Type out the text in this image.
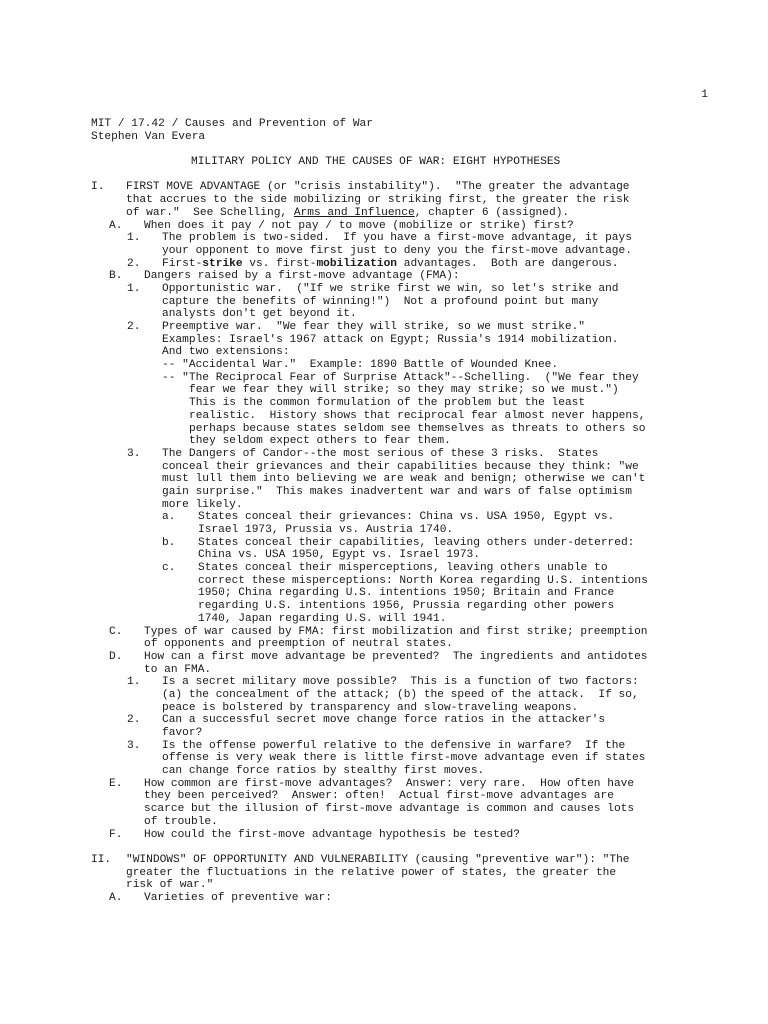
1
MIT / 17.42 / Causes and Prevention of War
Stephen Van Evera
MILITARY POLICY AND THE CAUSES OF WAR: EIGHT HYPOTHESES
I. FIRST MOVE ADVANTAGE (or "crisis instability").  "The greater the advantage
that accrues to the side mobilizing or striking first, the greater the risk
of war."  See Schelling, Arms and Influence, chapter 6 (assigned).
A. When does it pay / not pay / to move (mobilize or strike) first?
1. The problem is two-sided.  If you have a first-move advantage, it pays
your opponent to move first just to deny you the first-move advantage.
2. First-strike vs. first-mobilization advantages.  Both are dangerous.
B. Dangers raised by a first-move advantage (FMA):
1. Opportunistic war.  ("If we strike first we win, so let's strike and
capture the benefits of winning!")  Not a profound point but many
analysts don't get beyond it.
2. Preemptive war.  "We fear they will strike, so we must strike."
Examples: Israel's 1967 attack on Egypt; Russia's 1914 mobilization.
And two extensions:
-- "Accidental War."  Example: 1890 Battle of Wounded Knee.
-- "The Reciprocal Fear of Surprise Attack"--Schelling.  ("We fear they
fear we fear they will strike; so they may strike; so we must.")
This is the common formulation of the problem but the least
realistic.  History shows that reciprocal fear almost never happens,
perhaps because states seldom see themselves as threats to others so
they seldom expect others to fear them.
3. The Dangers of Candor--the most serious of these 3 risks.  States
conceal their grievances and their capabilities because they think: "we
must lull them into believing we are weak and benign; otherwise we can't
gain surprise."  This makes inadvertent war and wars of false optimism
more likely.
a. States conceal their grievances: China vs. USA 1950, Egypt vs.
Israel 1973, Prussia vs. Austria 1740.
b. States conceal their capabilities, leaving others under-deterred:
China vs. USA 1950, Egypt vs. Israel 1973.
c. States conceal their misperceptions, leaving others unable to
correct these misperceptions: North Korea regarding U.S. intentions
1950; China regarding U.S. intentions 1950; Britain and France
regarding U.S. intentions 1956, Prussia regarding other powers
1740, Japan regarding U.S. will 1941.
C. Types of war caused by FMA: first mobilization and first strike; preemption
of opponents and preemption of neutral states.
D. How can a first move advantage be prevented?  The ingredients and antidotes
to an FMA.
1. Is a secret military move possible?  This is a function of two factors:
(a) the concealment of the attack; (b) the speed of the attack.  If so,
peace is bolstered by transparency and slow-traveling weapons.
2. Can a successful secret move change force ratios in the attacker's
favor?
3. Is the offense powerful relative to the defensive in warfare?  If the
offense is very weak there is little first-move advantage even if states
can change force ratios by stealthy first moves.
E. How common are first-move advantages?  Answer: very rare.  How often have
they been perceived?  Answer: often!  Actual first-move advantages are
scarce but the illusion of first-move advantage is common and causes lots
of trouble.
F. How could the first-move advantage hypothesis be tested?
II. "WINDOWS" OF OPPORTUNITY AND VULNERABILITY (causing "preventive war"): "The
greater the fluctuations in the relative power of states, the greater the
risk of war."
A. Varieties of preventive war:
